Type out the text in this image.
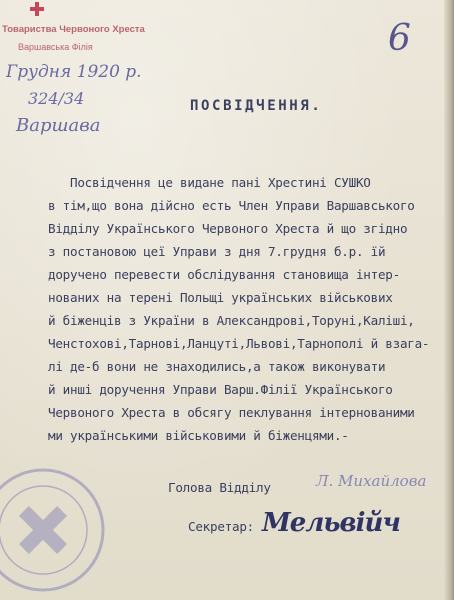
Товариства Червоного Хреста
Варшавська Філія
Грудня 1920 р.
324/34
Варшава
6
ПОСВІДЧЕННЯ.
Посвідчення це видане пані Хрестині СУШКО
в тім,що вона дійсно есть Член Управи Варшавського
Відділу Українського Червоного Хреста й що згідно
з постановою цеї Управи з дня 7.грудня б.р. їй
доручено перевести обслідування становища інтер-
нованих на терені Польщі українських військових
й біженців з України в Александрові,Торуні,Каліші,
Ченстохові,Тарнові,Ланцуті,Львові,Тарнополі й взага-
лі де-б вони не знаходились,а також виконувати
й инші доручення Управи Варш.Філії Українського
Червоного Хреста в обсягу пеклування інтернованими
ми українськими військовими й біженцями.-
Голова Відділу	Л. Михайлова
Секретар: Мельвійч
